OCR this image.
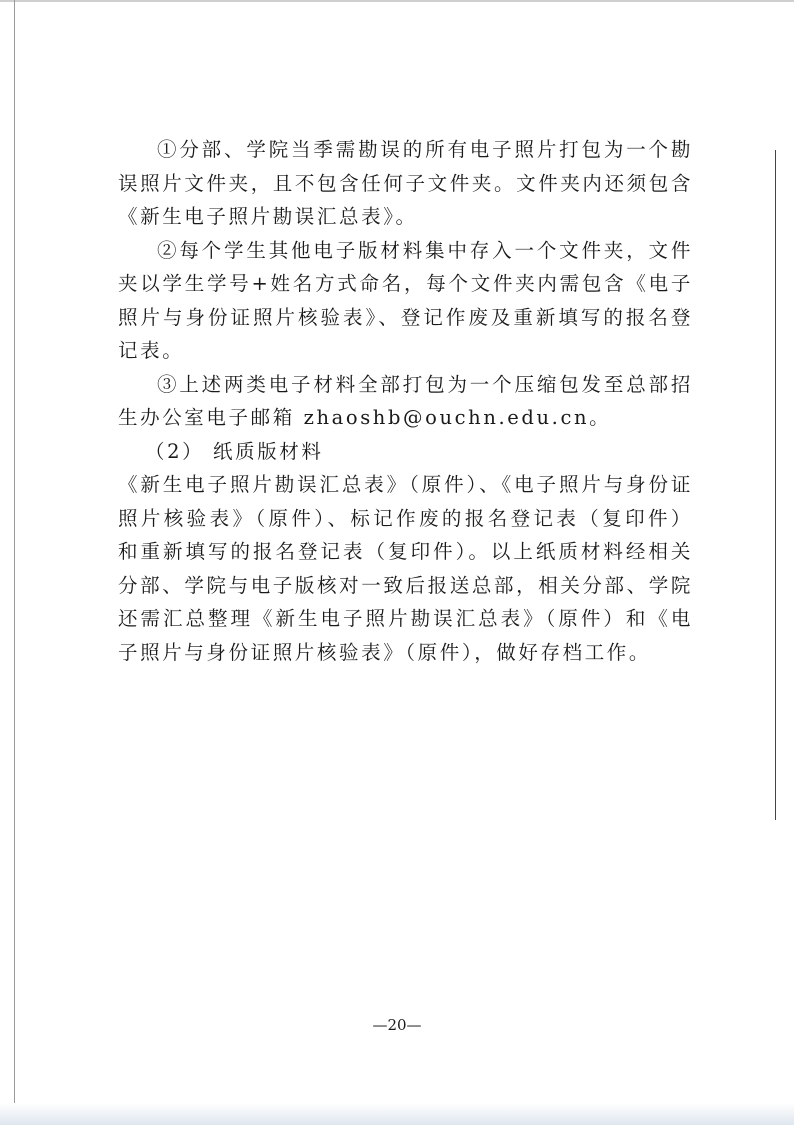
①分部、学院当季需勘误的所有电子照片打包为一个勘误照片文件夹，且不包含任何子文件夹。文件夹内还须包含《新生电子照片勘误汇总表》。

②每个学生其他电子版材料集中存入一个文件夹，文件夹以学生学号+姓名方式命名，每个文件夹内需包含《电子照片与身份证照片核验表》、登记作废及重新填写的报名登记表。

③上述两类电子材料全部打包为一个压缩包发至总部招生办公室电子邮箱 zhaoshb@ouchn.edu.cn。

（2） 纸质版材料

《新生电子照片勘误汇总表》（原件）、《电子照片与身份证照片核验表》（原件）、标记作废的报名登记表（复印件）和重新填写的报名登记表（复印件）。以上纸质材料经相关分部、学院与电子版核对一致后报送总部，相关分部、学院还需汇总整理《新生电子照片勘误汇总表》（原件）和《电子照片与身份证照片核验表》（原件），做好存档工作。

—20—
